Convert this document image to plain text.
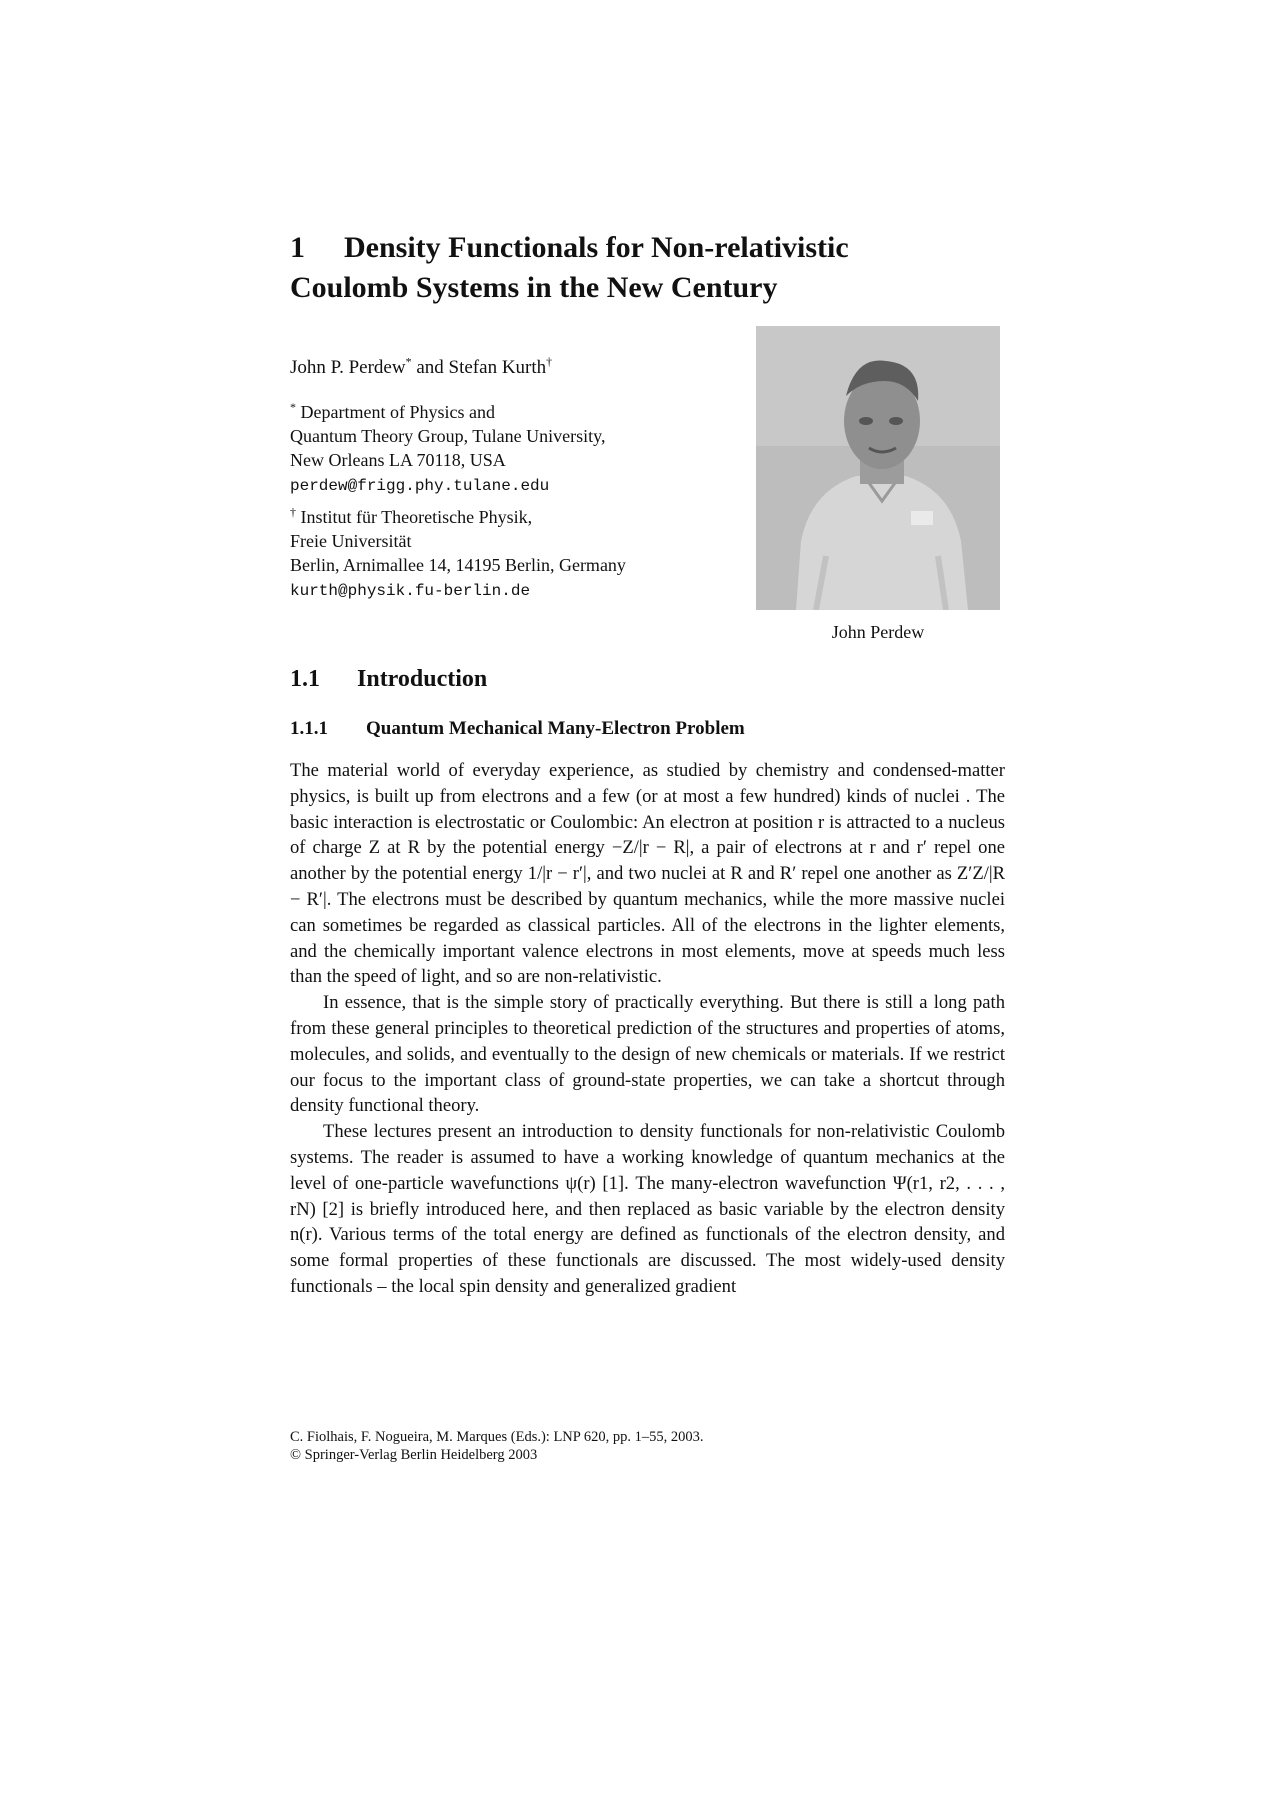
1 Density Functionals for Non-relativistic
Coulomb Systems in the New Century
John P. Perdew* and Stefan Kurth†
* Department of Physics and
Quantum Theory Group, Tulane University,
New Orleans LA 70118, USA
perdew@frigg.phy.tulane.edu
† Institut für Theoretische Physik,
Freie Universität
Berlin, Arnimallee 14, 14195 Berlin, Germany
kurth@physik.fu-berlin.de
John Perdew
1.1 Introduction
1.1.1 Quantum Mechanical Many-Electron Problem

The material world of everyday experience, as studied by chemistry and condensed-matter physics, is built up from electrons and a few (or at most a few hundred) kinds of nuclei . The basic interaction is electrostatic or Coulombic: An electron at position r is attracted to a nucleus of charge Z at R by the potential energy −Z/|r − R|, a pair of electrons at r and r′ repel one another by the potential energy 1/|r − r′|, and two nuclei at R and R′ repel one another as Z′Z/|R − R′|. The electrons must be described by quantum mechanics, while the more massive nuclei can sometimes be regarded as classical particles. All of the electrons in the lighter elements, and the chemically important valence electrons in most elements, move at speeds much less than the speed of light, and so are non-relativistic.

In essence, that is the simple story of practically everything. But there is still a long path from these general principles to theoretical prediction of the structures and properties of atoms, molecules, and solids, and eventually to the design of new chemicals or materials. If we restrict our focus to the important class of ground-state properties, we can take a shortcut through density functional theory.

These lectures present an introduction to density functionals for non-relativistic Coulomb systems. The reader is assumed to have a working knowledge of quantum mechanics at the level of one-particle wavefunctions ψ(r) [1]. The many-electron wavefunction Ψ(r1, r2, . . . , rN) [2] is briefly introduced here, and then replaced as basic variable by the electron density n(r). Various terms of the total energy are defined as functionals of the electron density, and some formal properties of these functionals are discussed. The most widely-used density functionals – the local spin density and generalized gradient

C. Fiolhais, F. Nogueira, M. Marques (Eds.): LNP 620, pp. 1–55, 2003.
© Springer-Verlag Berlin Heidelberg 2003
